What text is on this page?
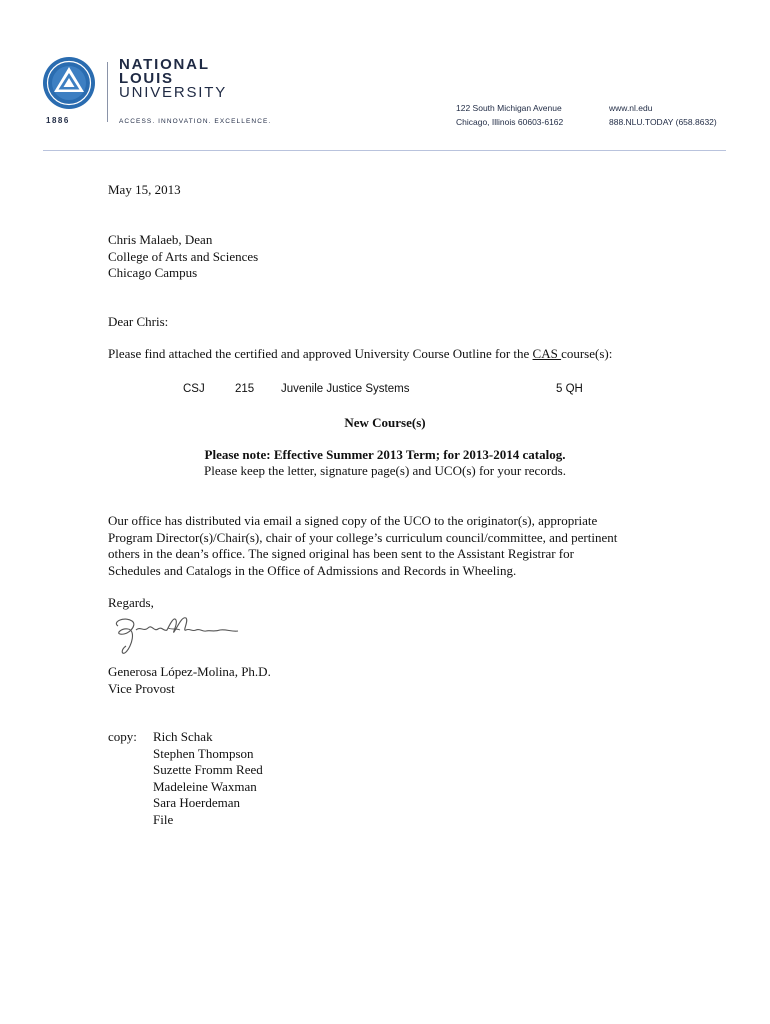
1886
NATIONAL
LOUIS
UNIVERSITY
ACCESS. INNOVATION. EXCELLENCE.
122 South Michigan Avenue
Chicago, Illinois 60603-6162
www.nl.edu
888.NLU.TODAY (658.8632)
May 15, 2013
Chris Malaeb, Dean
College of Arts and Sciences
Chicago Campus
Dear Chris:
Please find attached the certified and approved University Course Outline for the CAS course(s):
CSJ	215 Juvenile Justice Systems	5 QH
New Course(s)
Please note: Effective Summer 2013 Term; for 2013-2014 catalog.
Please keep the letter, signature page(s) and UCO(s) for your records.
Our office has distributed via email a signed copy of the UCO to the originator(s), appropriate
Program Director(s)/Chair(s), chair of your college’s curriculum council/committee, and pertinent
others in the dean’s office. The signed original has been sent to the Assistant Registrar for
Schedules and Catalogs in the Office of Admissions and Records in Wheeling.
Regards,
Generosa López-Molina, Ph.D.
Vice Provost
copy: Rich Schak
Stephen Thompson
Suzette Fromm Reed
Madeleine Waxman
Sara Hoerdeman
File
